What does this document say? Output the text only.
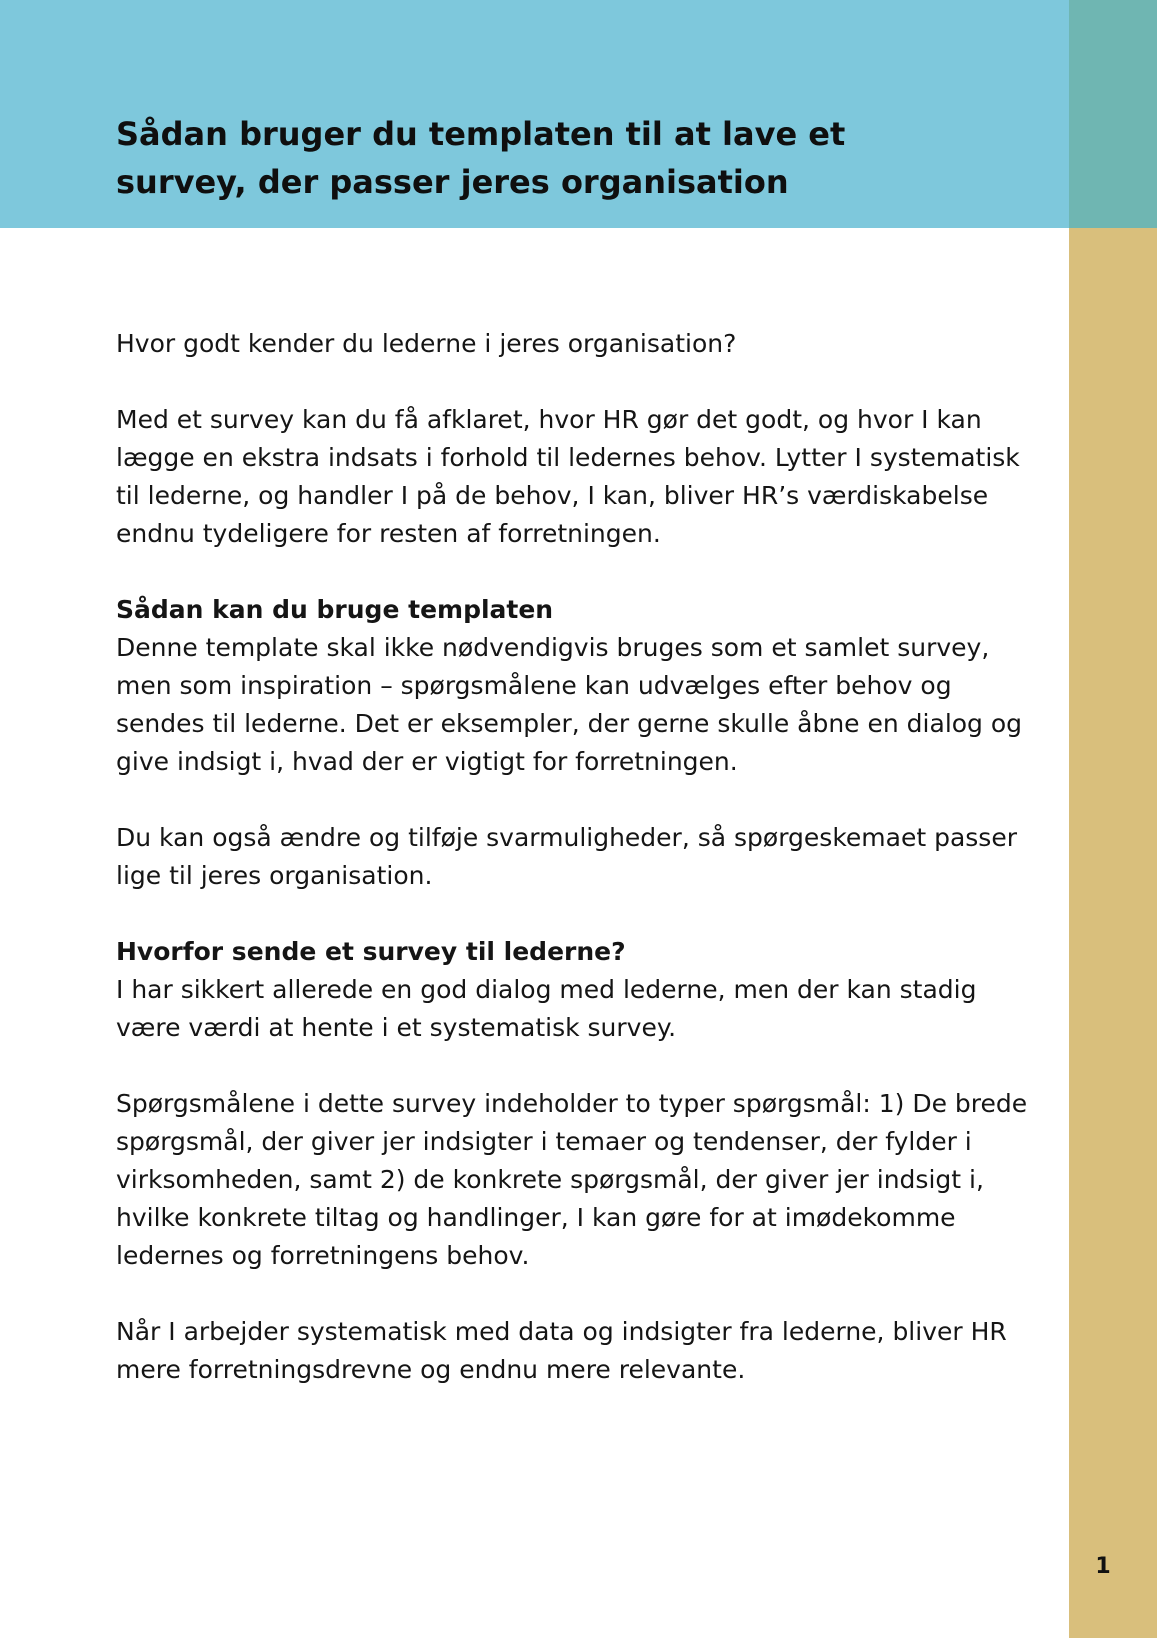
Sådan bruger du templaten til at lave et
survey, der passer jeres organisation

Hvor godt kender du lederne i jeres organisation?

Med et survey kan du få afklaret, hvor HR gør det godt, og hvor I kan
lægge en ekstra indsats i forhold til ledernes behov. Lytter I systematisk
til lederne, og handler I på de behov, I kan, bliver HR’s værdiskabelse
endnu tydeligere for resten af forretningen.

Sådan kan du bruge templaten
Denne template skal ikke nødvendigvis bruges som et samlet survey,
men som inspiration – spørgsmålene kan udvælges efter behov og
sendes til lederne. Det er eksempler, der gerne skulle åbne en dialog og
give indsigt i, hvad der er vigtigt for forretningen.

Du kan også ændre og tilføje svarmuligheder, så spørgeskemaet passer
lige til jeres organisation.

Hvorfor sende et survey til lederne?
I har sikkert allerede en god dialog med lederne, men der kan stadig
være værdi at hente i et systematisk survey.

Spørgsmålene i dette survey indeholder to typer spørgsmål: 1) De brede
spørgsmål, der giver jer indsigter i temaer og tendenser, der fylder i
virksomheden, samt 2) de konkrete spørgsmål, der giver jer indsigt i,
hvilke konkrete tiltag og handlinger, I kan gøre for at imødekomme
ledernes og forretningens behov.

Når I arbejder systematisk med data og indsigter fra lederne, bliver HR
mere forretningsdrevne og endnu mere relevante.

1
